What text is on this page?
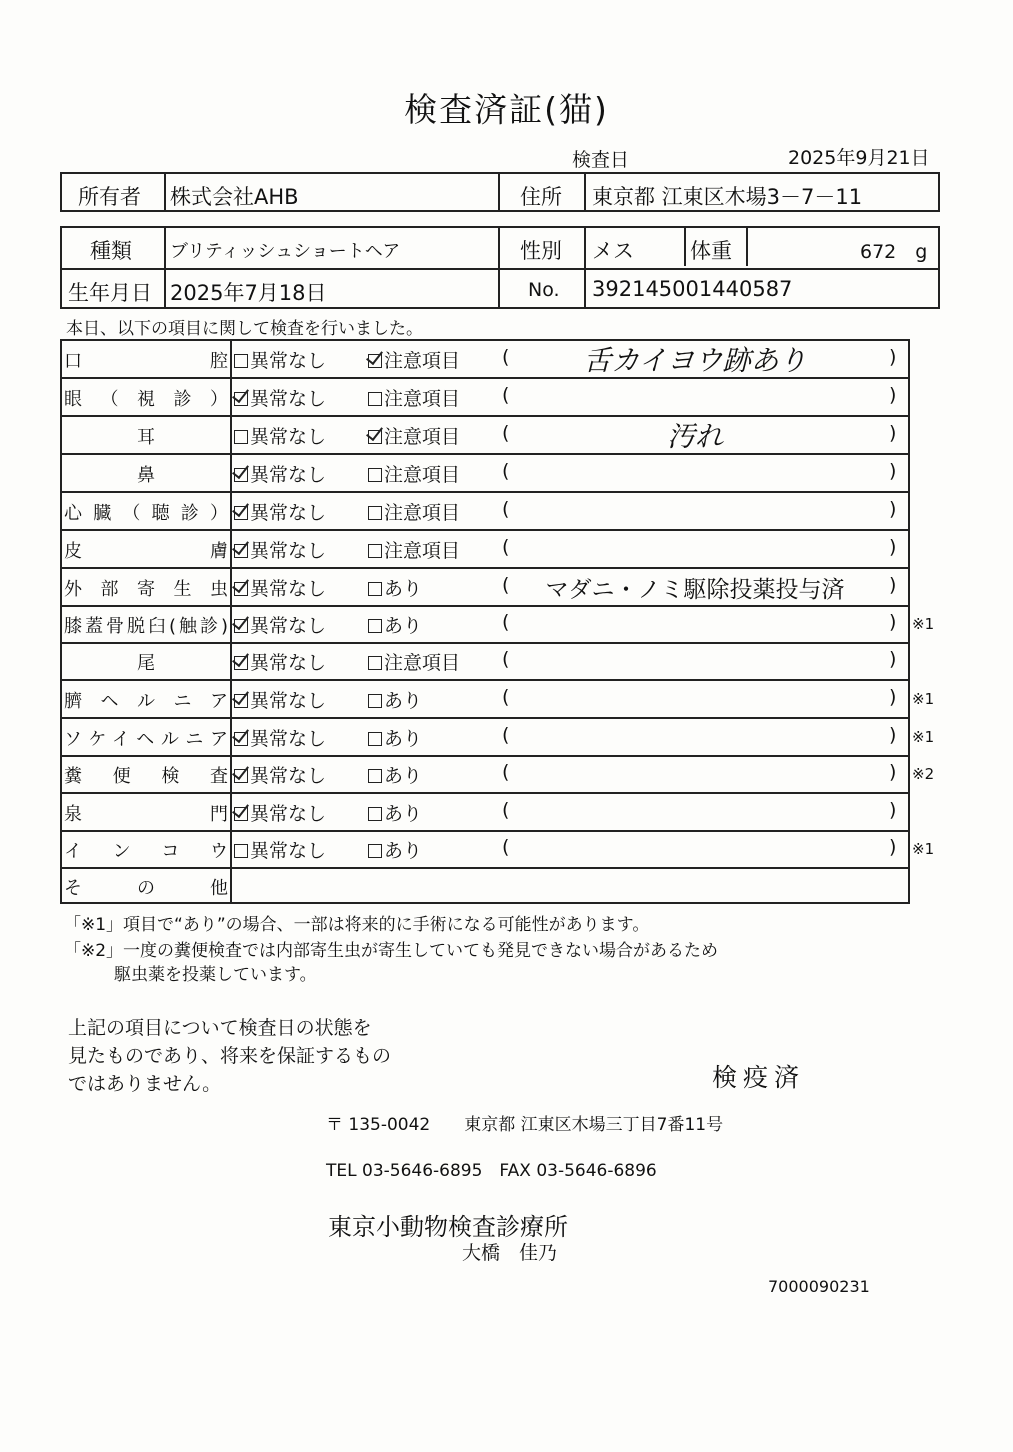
検査済証(猫)
検査日	2025年9月21日
所有者 株式会社AHB	住所 東京都 江東区木場3－7－11
種類 ブリティッシュショートヘア	性別 メス	体重	672　g
生年月日 2025年7月18日	No. 392145001440587
本日、以下の項目に関して検査を行いました。
口　腔	異常なし	注意項目 (	舌カイヨウ跡あり	)
眼（視診）	異常なし	注意項目 (	)
耳	異常なし	注意項目 (	汚れ	)
鼻	異常なし	注意項目 (	)
心臓（聴診）	異常なし	注意項目 (	)
皮　膚	異常なし	注意項目 (	)
外部寄生虫	異常なし	あり	(	マダニ・ノミ駆除投薬投与済	)
膝蓋骨脱臼(触診)	異常なし	あり	(	) ※1
尾	異常なし	注意項目 (	)
臍ヘルニア	異常なし	あり	(	) ※1
ソケイヘルニア	異常なし	あり	(	) ※1
糞便検査	異常なし	あり	(	) ※2
泉　門	異常なし	あり	(	)
インコウ	異常なし	あり	(	) ※1
その他
「※1」項目で“あり”の場合、一部は将来的に手術になる可能性があります。
「※2」一度の糞便検査では内部寄生虫が寄生していても発見できない場合があるため
駆虫薬を投薬しています。
上記の項目について検査日の状態を
見たものであり、将来を保証するもの
ではありません。	検疫済
〒 135-0042　　東京都 江東区木場三丁目7番11号
TEL 03-5646-6895　FAX 03-5646-6896
東京小動物検査診療所
大橋　佳乃
7000090231
